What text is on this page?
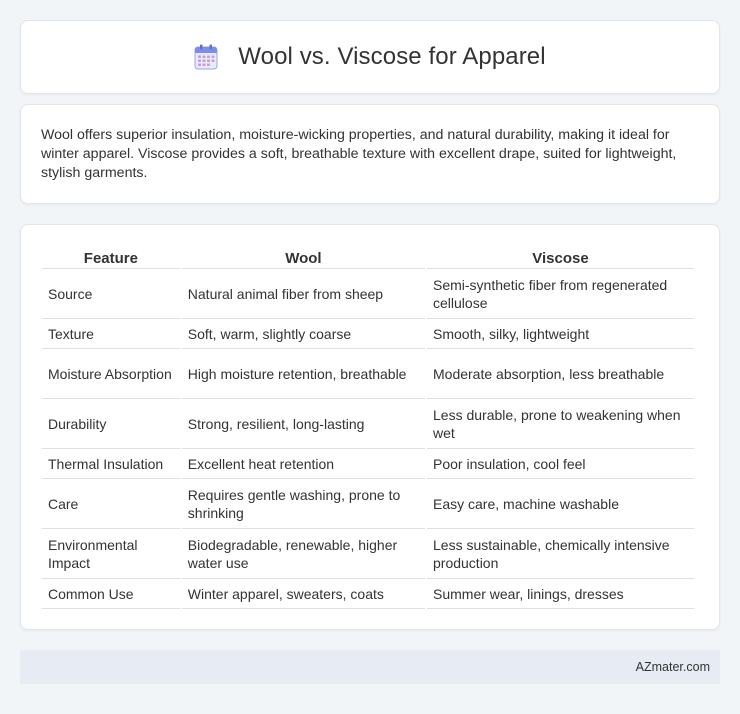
Wool vs. Viscose for Apparel

Wool offers superior insulation, moisture-wicking properties, and natural durability, making it ideal for winter apparel. Viscose provides a soft, breathable texture with excellent drape, suited for lightweight, stylish garments.

Feature	Wool	Viscose
Source	Natural animal fiber from sheep	Semi-synthetic fiber from regenerated cellulose
Texture	Soft, warm, slightly coarse	Smooth, silky, lightweight
Moisture Absorption	High moisture retention, breathable	Moderate absorption, less breathable
Durability	Strong, resilient, long-lasting	Less durable, prone to weakening when wet
Thermal Insulation	Excellent heat retention	Poor insulation, cool feel
Care	Requires gentle washing, prone to shrinking	Easy care, machine washable
Environmental Impact	Biodegradable, renewable, higher water use	Less sustainable, chemically intensive production
Common Use	Winter apparel, sweaters, coats	Summer wear, linings, dresses
AZmater.com
